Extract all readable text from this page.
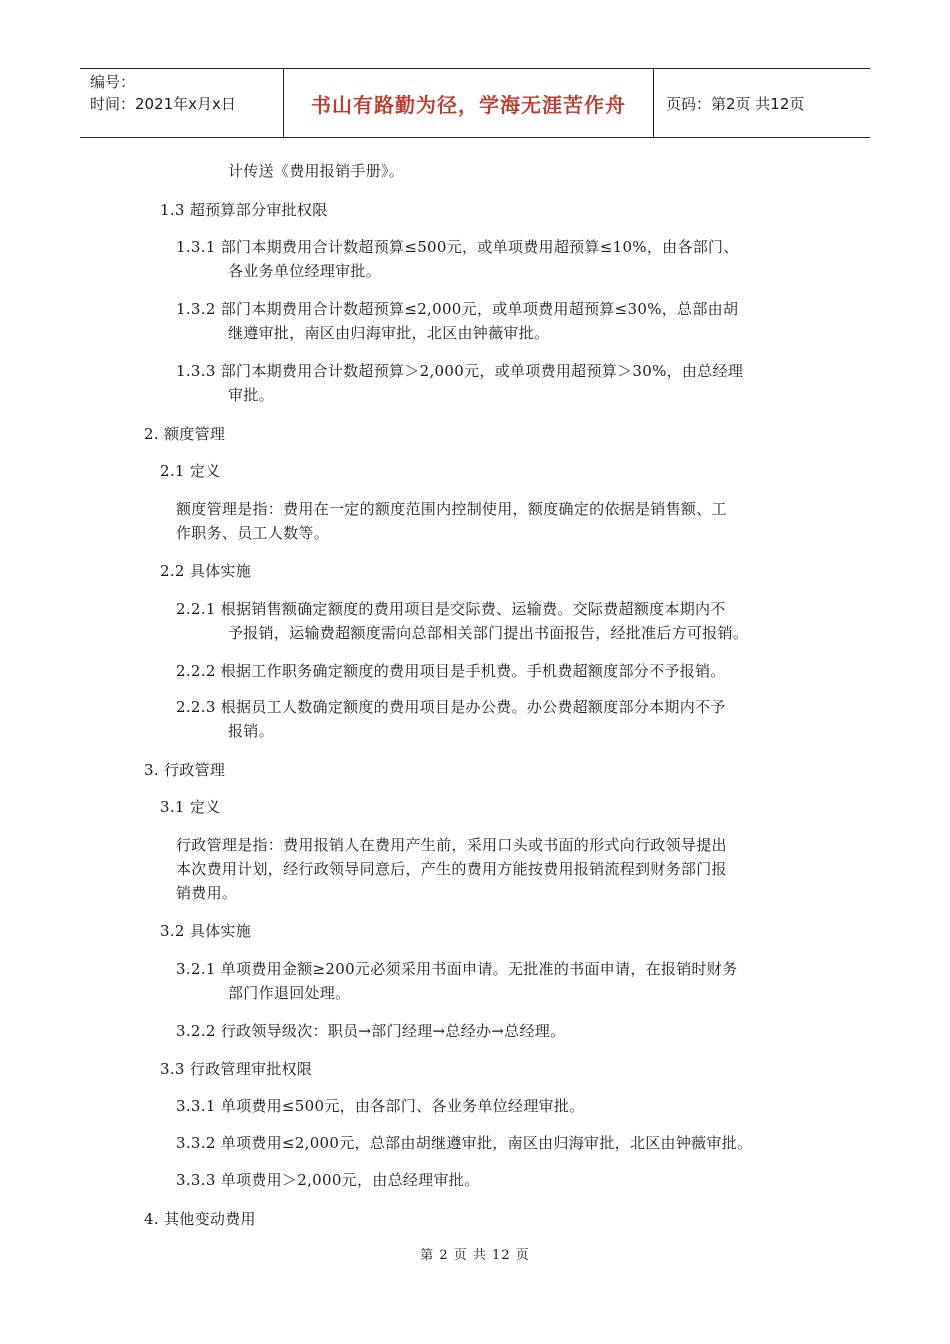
编号：
时间：2021年x月x日	书山有路勤为径，学海无涯苦作舟	页码：第2页 共12页
计传送《费用报销手册》。
1.3 超预算部分审批权限
1.3.1 部门本期费用合计数超预算≤500元，或单项费用超预算≤10%，由各部门、
各业务单位经理审批。
1.3.2 部门本期费用合计数超预算≤2,000元，或单项费用超预算≤30%，总部由胡
继遵审批，南区由归海审批，北区由钟薇审批。
1.3.3 部门本期费用合计数超预算＞2,000元，或单项费用超预算＞30%，由总经理
审批。
2. 额度管理
2.1 定义
额度管理是指：费用在一定的额度范围内控制使用，额度确定的依据是销售额、工
作职务、员工人数等。
2.2 具体实施
2.2.1 根据销售额确定额度的费用项目是交际费、运输费。交际费超额度本期内不
予报销，运输费超额度需向总部相关部门提出书面报告，经批准后方可报销。
2.2.2 根据工作职务确定额度的费用项目是手机费。手机费超额度部分不予报销。
2.2.3 根据员工人数确定额度的费用项目是办公费。办公费超额度部分本期内不予
报销。
3. 行政管理
3.1 定义
行政管理是指：费用报销人在费用产生前，采用口头或书面的形式向行政领导提出
本次费用计划，经行政领导同意后，产生的费用方能按费用报销流程到财务部门报
销费用。
3.2 具体实施
3.2.1 单项费用金额≥200元必须采用书面申请。无批准的书面申请，在报销时财务
部门作退回处理。
3.2.2 行政领导级次：职员→部门经理→总经办→总经理。
3.3 行政管理审批权限
3.3.1 单项费用≤500元，由各部门、各业务单位经理审批。
3.3.2 单项费用≤2,000元，总部由胡继遵审批，南区由归海审批，北区由钟薇审批。
3.3.3 单项费用＞2,000元，由总经理审批。
4. 其他变动费用
第 2 页 共 12 页
